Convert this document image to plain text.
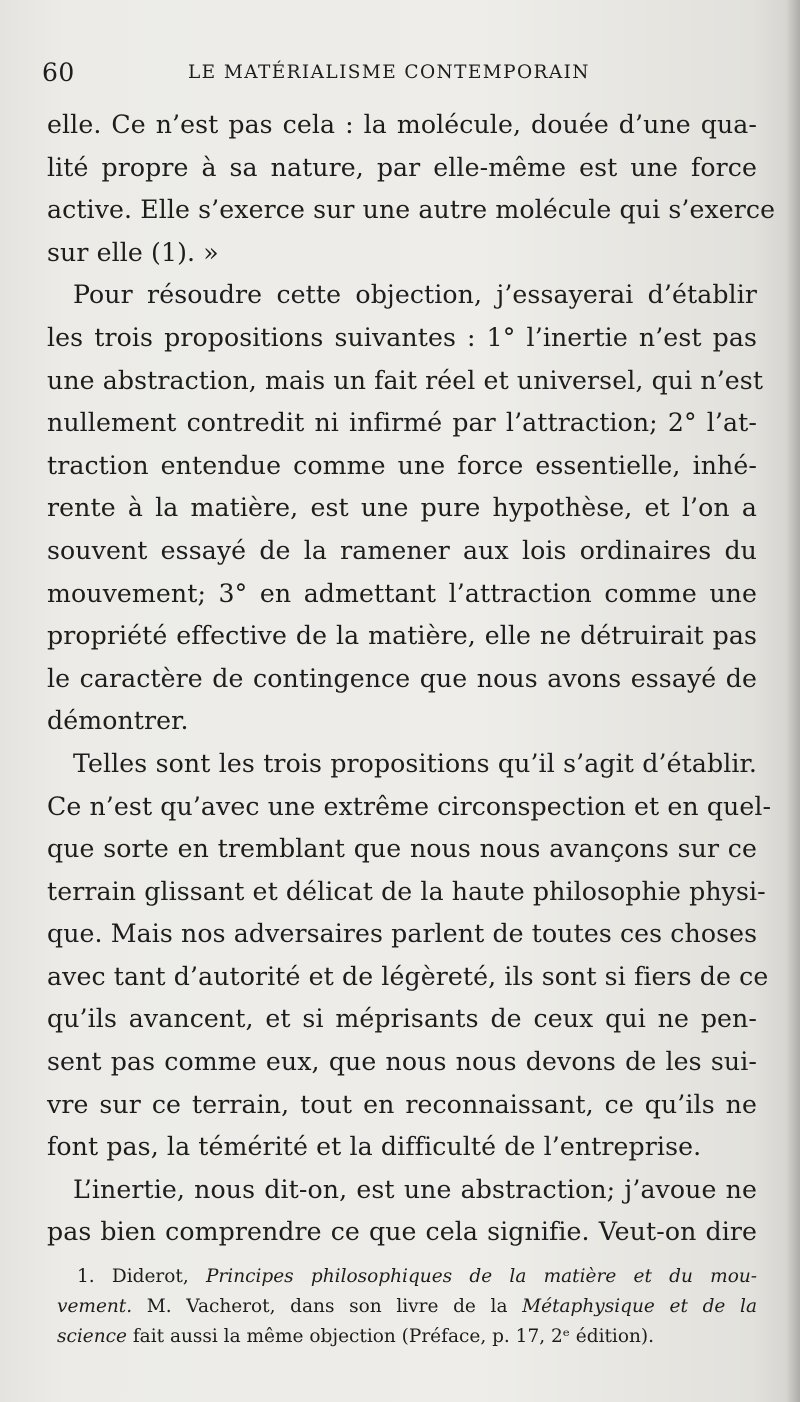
60	LE MATÉRIALISME CONTEMPORAIN
elle. Ce n’est pas cela : la molécule, douée d’une qua-
lité propre à sa nature, par elle-même est une force
active. Elle s’exerce sur une autre molécule qui s’exerce
sur elle (1). »
Pour résoudre cette objection, j’essayerai d’établir
les trois propositions suivantes : 1° l’inertie n’est pas
une abstraction, mais un fait réel et universel, qui n’est
nullement contredit ni infirmé par l’attraction; 2° l’at-
traction entendue comme une force essentielle, inhé-
rente à la matière, est une pure hypothèse, et l’on a
souvent essayé de la ramener aux lois ordinaires du
mouvement; 3° en admettant l’attraction comme une
propriété effective de la matière, elle ne détruirait pas
le caractère de contingence que nous avons essayé de
démontrer.
Telles sont les trois propositions qu’il s’agit d’établir.
Ce n’est qu’avec une extrême circonspection et en quel-
que sorte en tremblant que nous nous avançons sur ce
terrain glissant et délicat de la haute philosophie physi-
que. Mais nos adversaires parlent de toutes ces choses
avec tant d’autorité et de légèreté, ils sont si fiers de ce
qu’ils avancent, et si méprisants de ceux qui ne pen-
sent pas comme eux, que nous nous devons de les sui-
vre sur ce terrain, tout en reconnaissant, ce qu’ils ne
font pas, la témérité et la difficulté de l’entreprise.
L’inertie, nous dit-on, est une abstraction; j’avoue ne
pas bien comprendre ce que cela signifie. Veut-on dire
1. Diderot, Principes philosophiques de la matière et du mou-
vement. M. Vacherot, dans son livre de la Métaphysique et de la
science fait aussi la même objection (Préface, p. 17, 2ᵉ édition).
